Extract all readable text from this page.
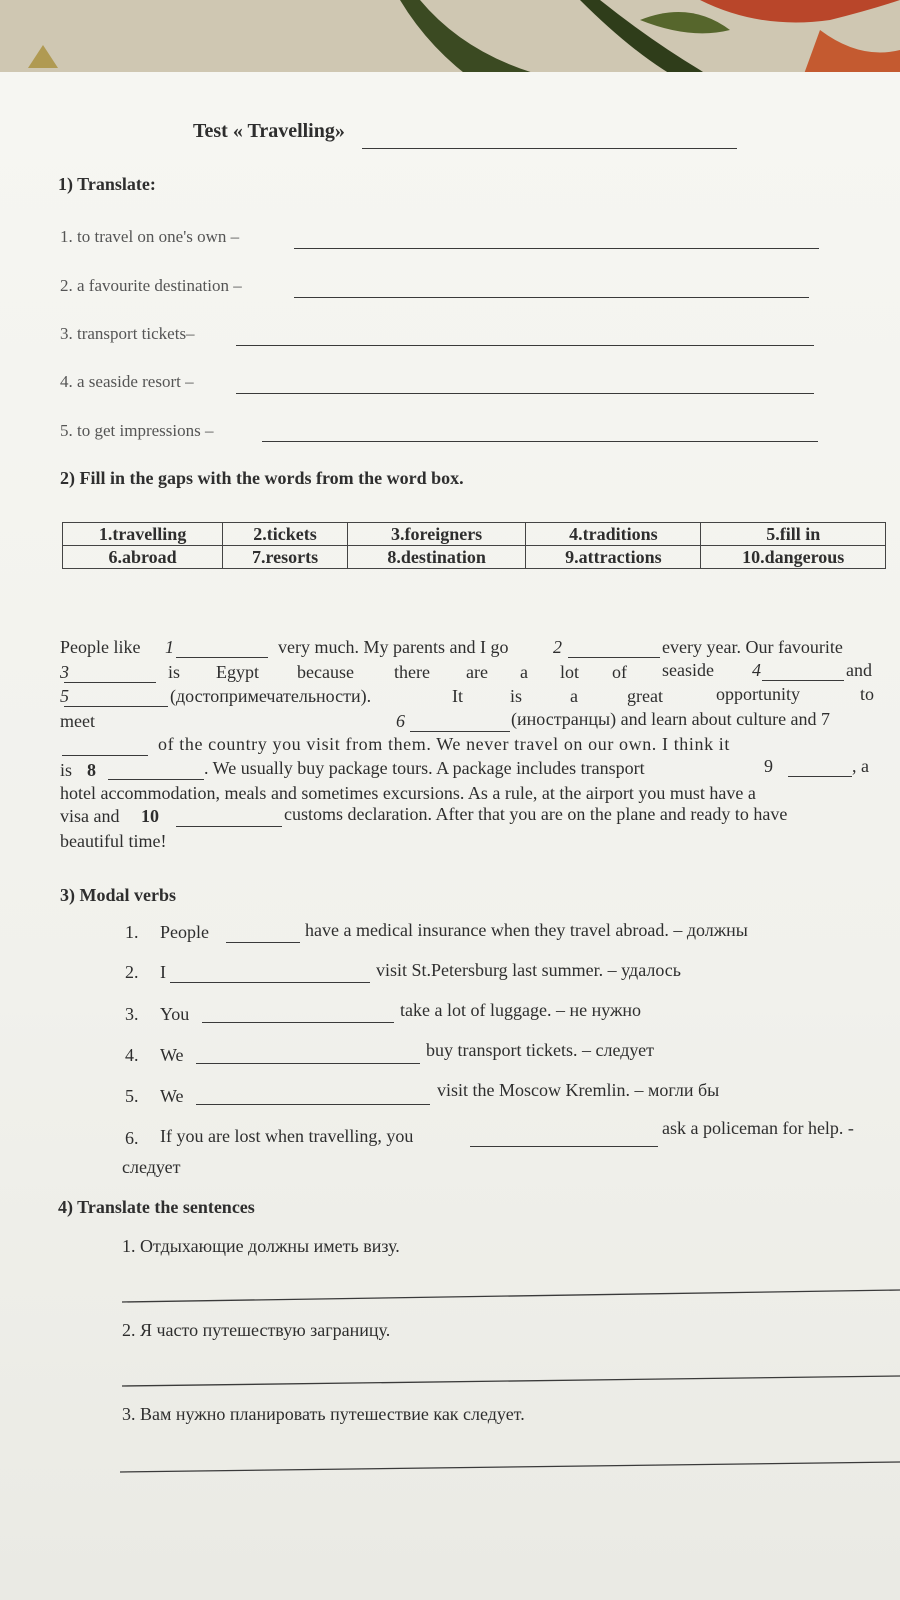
Test « Travelling»
1) Translate:
1. to travel on one's own –
2. a favourite destination –
3. transport tickets–
4. a seaside resort –
5. to get impressions –
2) Fill in the gaps with the words from the word box.
1.travelling	2.tickets	3.foreigners	4.traditions	5.fill in
6.abroad	7.resorts	8.destination	9.attractions	10.dangerous
People like 1	very much. My parents and I go 2	every year. Our favourite
3	is Egypt because there are a lot of seaside 4	and
5	(достопримечательности).	It	is	a	great	opportunity	to
meet	6	(иностранцы) and learn about culture and 7
of the country you visit from them. We never travel on our own. I think it
is 8	. We usually buy package tours. A package includes transport	9	, a
hotel accommodation, meals and sometimes excursions. As a rule, at the airport you must have a
visa and 10	customs declaration. After that you are on the plane and ready to have
beautiful time!
3) Modal verbs
1. People	have a medical insurance when they travel abroad. – должны
2. I	visit St.Petersburg last summer. – удалось
3. You	take a lot of luggage. – не нужно
4. We	buy transport tickets. – следует
5. We	visit the Moscow Kremlin. – могли бы
6. If you are lost when travelling, you	ask a policeman for help. -
следует
4) Translate the sentences
1. Отдыхающие должны иметь визу.
2. Я часто путешествую заграницу.
3. Вам нужно планировать путешествие как следует.
